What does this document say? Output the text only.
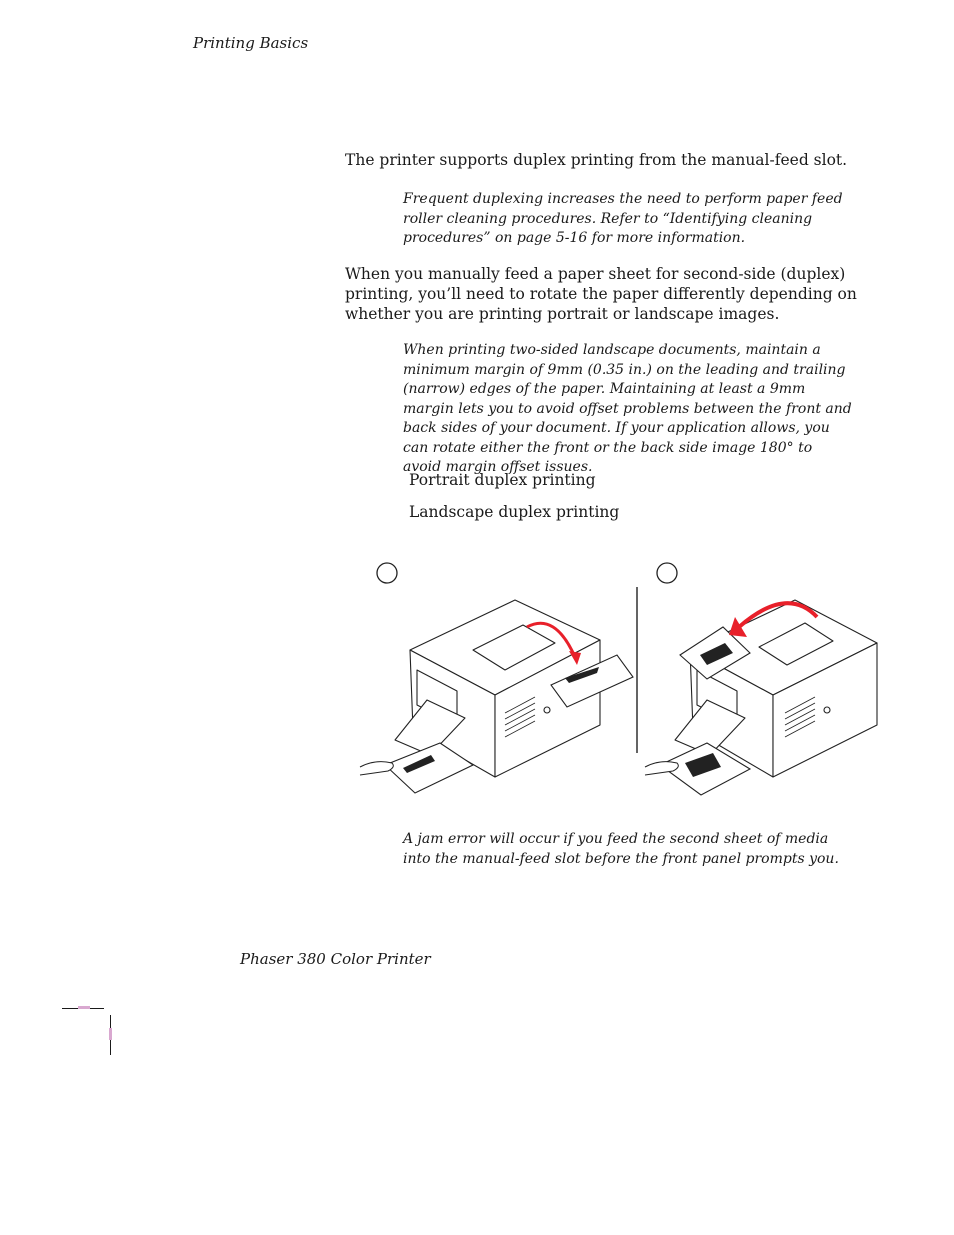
Printing Basics
The printer supports duplex printing from the manual-feed slot.
Frequent duplexing increases the need to perform paper feed roller cleaning procedures. Refer to “Identifying cleaning procedures” on page 5-16 for more information.
When you manually feed a paper sheet for second-side (duplex) printing, you’ll need to rotate the paper differently depending on whether you are printing portrait or landscape images.
When printing two-sided landscape documents, maintain a minimum margin of 9mm (0.35 in.) on the leading and trailing (narrow) edges of the paper. Maintaining at least a 9mm margin lets you to avoid offset problems between the front and back sides of your document. If your application allows, you can rotate either the front or the back side image 180° to avoid margin offset issues.
Portrait duplex printing
Landscape duplex printing
A jam error will occur if you feed the second sheet of media into the manual-feed slot before the front panel prompts you.
Phaser 380 Color Printer
